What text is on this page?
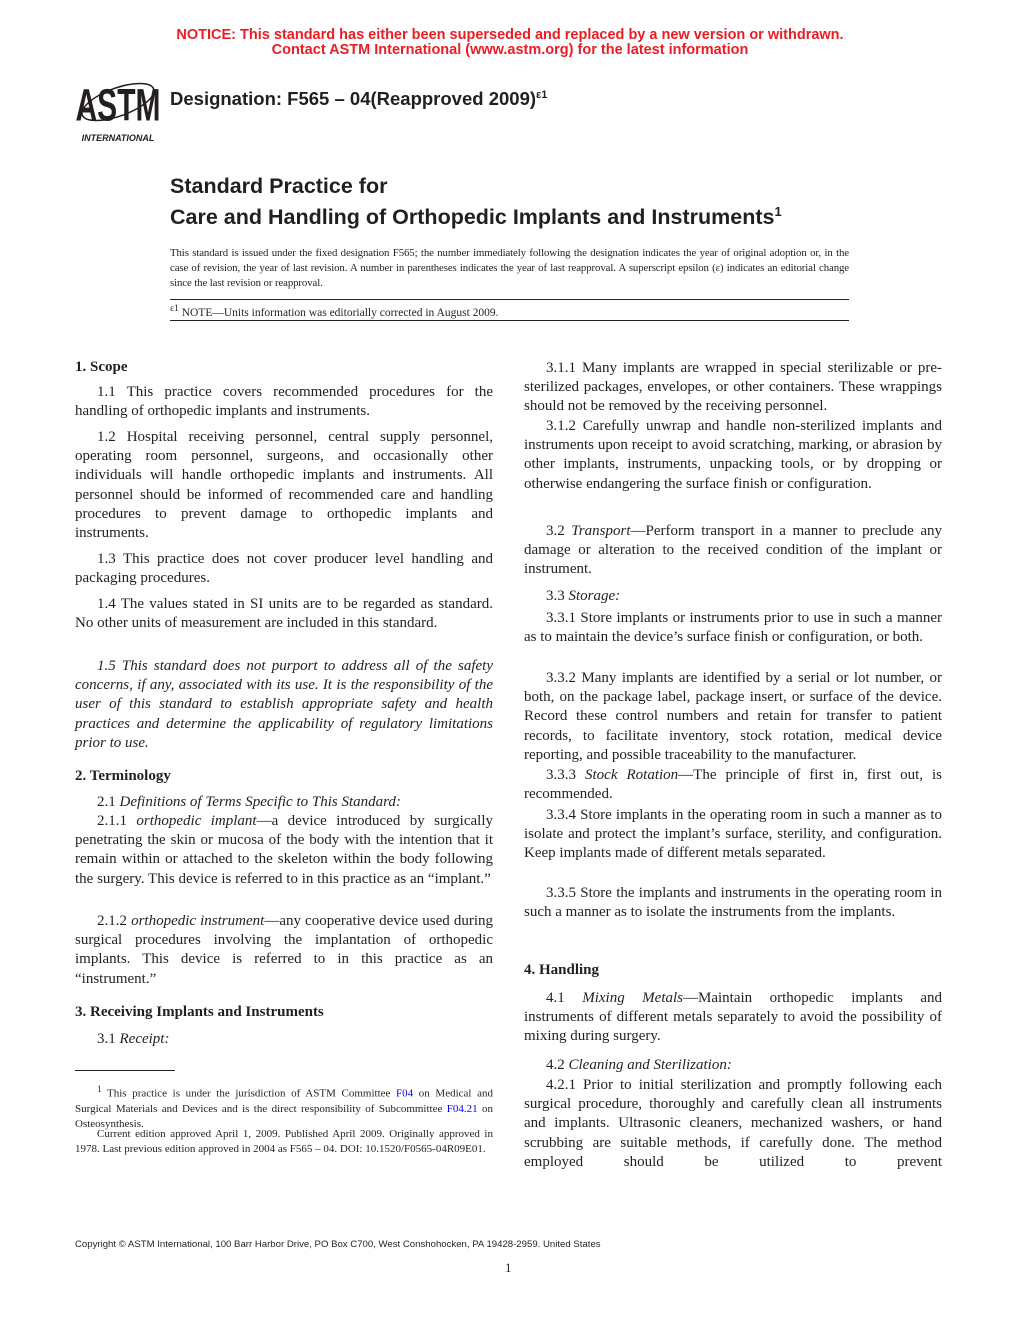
NOTICE: This standard has either been superseded and replaced by a new version or withdrawn.
Contact ASTM International (www.astm.org) for the latest information
ASTM
INTERNATIONAL
Designation: F565 – 04(Reapproved 2009)$^{\varepsilon 1}$
Standard Practice for
Care and Handling of Orthopedic Implants and Instruments$^1$
This standard is issued under the fixed designation F565; the number immediately following the designation indicates the year of original adoption or, in the case of revision, the year of last revision. A number in parentheses indicates the year of last reapproval. A superscript epsilon (ε) indicates an editorial change since the last revision or reapproval.
$^{\varepsilon 1}$ NOTE—Units information was editorially corrected in August 2009.
1. Scope
1.1 This practice covers recommended procedures for the handling of orthopedic implants and instruments.
1.2 Hospital receiving personnel, central supply personnel, operating room personnel, surgeons, and occasionally other individuals will handle orthopedic implants and instruments. All personnel should be informed of recommended care and handling procedures to prevent damage to orthopedic implants and instruments.
1.3 This practice does not cover producer level handling and packaging procedures.
1.4 The values stated in SI units are to be regarded as standard. No other units of measurement are included in this standard.
1.5 This standard does not purport to address all of the safety concerns, if any, associated with its use. It is the responsibility of the user of this standard to establish appropriate safety and health practices and determine the applicability of regulatory limitations prior to use.
2. Terminology
2.1 Definitions of Terms Specific to This Standard:
2.1.1 orthopedic implant—a device introduced by surgically penetrating the skin or mucosa of the body with the intention that it remain within or attached to the skeleton within the body following the surgery. This device is referred to in this practice as an “implant.”
2.1.2 orthopedic instrument—any cooperative device used during surgical procedures involving the implantation of orthopedic implants. This device is referred to in this practice as an “instrument.”
3. Receiving Implants and Instruments
3.1 Receipt:
$^1$ This practice is under the jurisdiction of ASTM Committee F04 on Medical and Surgical Materials and Devices and is the direct responsibility of Subcommittee F04.21 on Osteosynthesis.
Current edition approved April 1, 2009. Published April 2009. Originally approved in 1978. Last previous edition approved in 2004 as F565 – 04. DOI: 10.1520/F0565-04R09E01.
3.1.1 Many implants are wrapped in special sterilizable or pre-sterilized packages, envelopes, or other containers. These wrappings should not be removed by the receiving personnel.
3.1.2 Carefully unwrap and handle non-sterilized implants and instruments upon receipt to avoid scratching, marking, or abrasion by other implants, instruments, unpacking tools, or by dropping or otherwise endangering the surface finish or configuration.
3.2 Transport—Perform transport in a manner to preclude any damage or alteration to the received condition of the implant or instrument.
3.3 Storage:
3.3.1 Store implants or instruments prior to use in such a manner as to maintain the device’s surface finish or configuration, or both.
3.3.2 Many implants are identified by a serial or lot number, or both, on the package label, package insert, or surface of the device. Record these control numbers and retain for transfer to patient records, to facilitate inventory, stock rotation, medical device reporting, and possible traceability to the manufacturer.
3.3.3 Stock Rotation—The principle of first in, first out, is recommended.
3.3.4 Store implants in the operating room in such a manner as to isolate and protect the implant’s surface, sterility, and configuration. Keep implants made of different metals separated.
3.3.5 Store the implants and instruments in the operating room in such a manner as to isolate the instruments from the implants.
4. Handling
4.1 Mixing Metals—Maintain orthopedic implants and instruments of different metals separately to avoid the possibility of mixing during surgery.
4.2 Cleaning and Sterilization:
4.2.1 Prior to initial sterilization and promptly following each surgical procedure, thoroughly and carefully clean all instruments and implants. Ultrasonic cleaners, mechanized washers, or hand scrubbing are suitable methods, if carefully done. The method employed should be utilized to prevent
Copyright © ASTM International, 100 Barr Harbor Drive, PO Box C700, West Conshohocken, PA 19428-2959. United States
1
